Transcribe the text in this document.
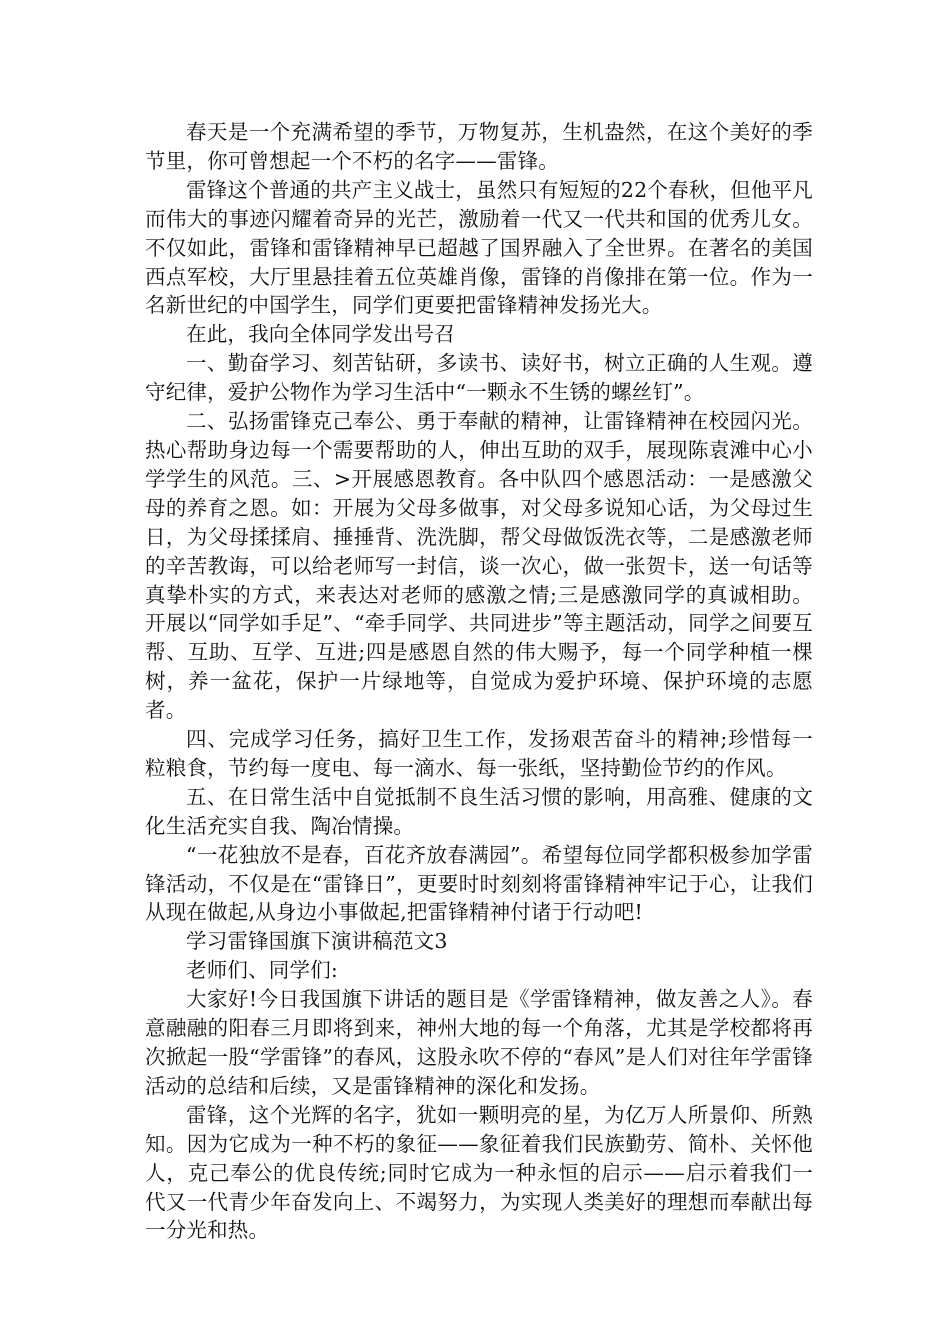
春天是一个充满希望的季节，万物复苏，生机盎然，在这个美好的季节里，你可曾想起一个不朽的名字——雷锋。

雷锋这个普通的共产主义战士，虽然只有短短的22个春秋，但他平凡而伟大的事迹闪耀着奇异的光芒，激励着一代又一代共和国的优秀儿女。不仅如此，雷锋和雷锋精神早已超越了国界融入了全世界。在著名的美国西点军校，大厅里悬挂着五位英雄肖像，雷锋的肖像排在第一位。作为一名新世纪的中国学生，同学们更要把雷锋精神发扬光大。

在此，我向全体同学发出号召

一、勤奋学习、刻苦钻研，多读书、读好书，树立正确的人生观。遵守纪律，爱护公物作为学习生活中“一颗永不生锈的螺丝钉”。

二、弘扬雷锋克己奉公、勇于奉献的精神，让雷锋精神在校园闪光。热心帮助身边每一个需要帮助的人，伸出互助的双手，展现陈袁滩中心小学学生的风范。三、>开展感恩教育。各中队四个感恩活动：一是感激父母的养育之恩。如：开展为父母多做事，对父母多说知心话，为父母过生日，为父母揉揉肩、捶捶背、洗洗脚，帮父母做饭洗衣等，二是感激老师的辛苦教诲，可以给老师写一封信，谈一次心，做一张贺卡，送一句话等真挚朴实的方式，来表达对老师的感激之情;三是感激同学的真诚相助。开展以“同学如手足”、“牵手同学、共同进步”等主题活动，同学之间要互帮、互助、互学、互进;四是感恩自然的伟大赐予，每一个同学种植一棵树，养一盆花，保护一片绿地等，自觉成为爱护环境、保护环境的志愿者。

四、完成学习任务，搞好卫生工作，发扬艰苦奋斗的精神;珍惜每一粒粮食，节约每一度电、每一滴水、每一张纸，坚持勤俭节约的作风。

五、在日常生活中自觉抵制不良生活习惯的影响，用高雅、健康的文化生活充实自我、陶冶情操。

“一花独放不是春，百花齐放春满园”。希望每位同学都积极参加学雷锋活动，不仅是在“雷锋日”，更要时时刻刻将雷锋精神牢记于心，让我们从现在做起,从身边小事做起,把雷锋精神付诸于行动吧!

学习雷锋国旗下演讲稿范文3

老师们、同学们:

大家好!今日我国旗下讲话的题目是《学雷锋精神，做友善之人》。春意融融的阳春三月即将到来，神州大地的每一个角落，尤其是学校都将再次掀起一股“学雷锋”的春风，这股永吹不停的“春风”是人们对往年学雷锋活动的总结和后续，又是雷锋精神的深化和发扬。

雷锋，这个光辉的名字，犹如一颗明亮的星，为亿万人所景仰、所熟知。因为它成为一种不朽的象征——象征着我们民族勤劳、简朴、关怀他人，克己奉公的优良传统;同时它成为一种永恒的启示——启示着我们一代又一代青少年奋发向上、不竭努力，为实现人类美好的理想而奉献出每一分光和热。
